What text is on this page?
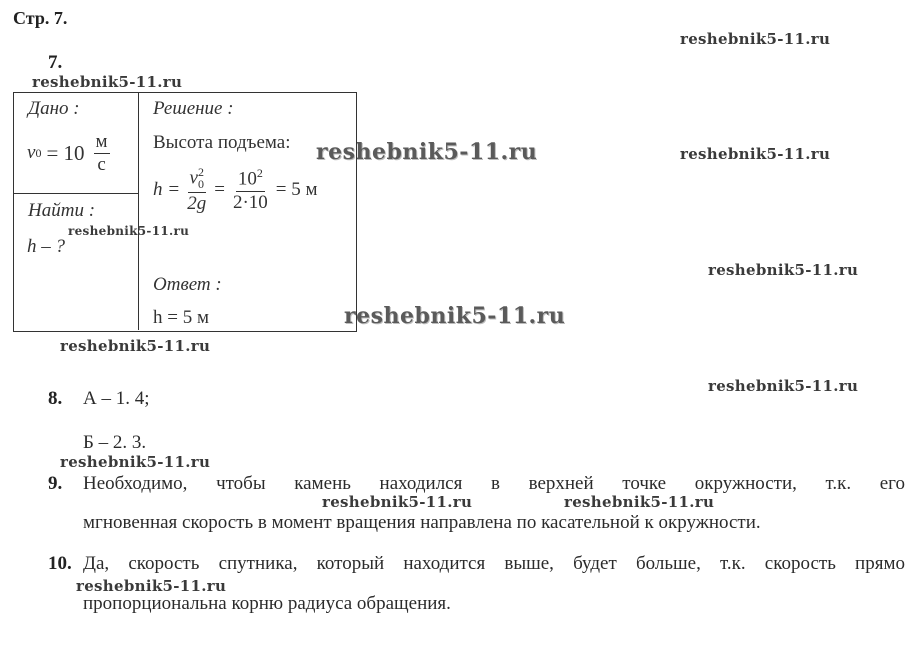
Стр. 7.
reshebnik5-11.ru
reshebnik5-11.ru
reshebnik5-11.ru	reshebnik5-11.ru
reshebnik5-11.ru
reshebnik5-11.ru
reshebnik5-11.ru
reshebnik5-11.ru
reshebnik5-11.ru
reshebnik5-11.ru
reshebnik5-11.ru	reshebnik5-11.ru
reshebnik5-11.ru
7.
Дано :
v $0 = 10 \frac{м}{с}$
Найти :
h – ?
Решение :
Высота подъема:
$h = \frac{v^2_0}{2g} = \frac{10^2}{2\cdot 10} = 5$ м
Ответ :
h = 5 м
8. А – 1. 4;
Б – 2. 3.
9. Необходимо, чтобы камень находился в верхней точке окружности, т.к. его
мгновенная скорость в момент вращения направлена по касательной к окружности.
10. Да, скорость спутника, который находится выше, будет больше, т.к. скорость прямо
пропорциональна корню радиуса обращения.
